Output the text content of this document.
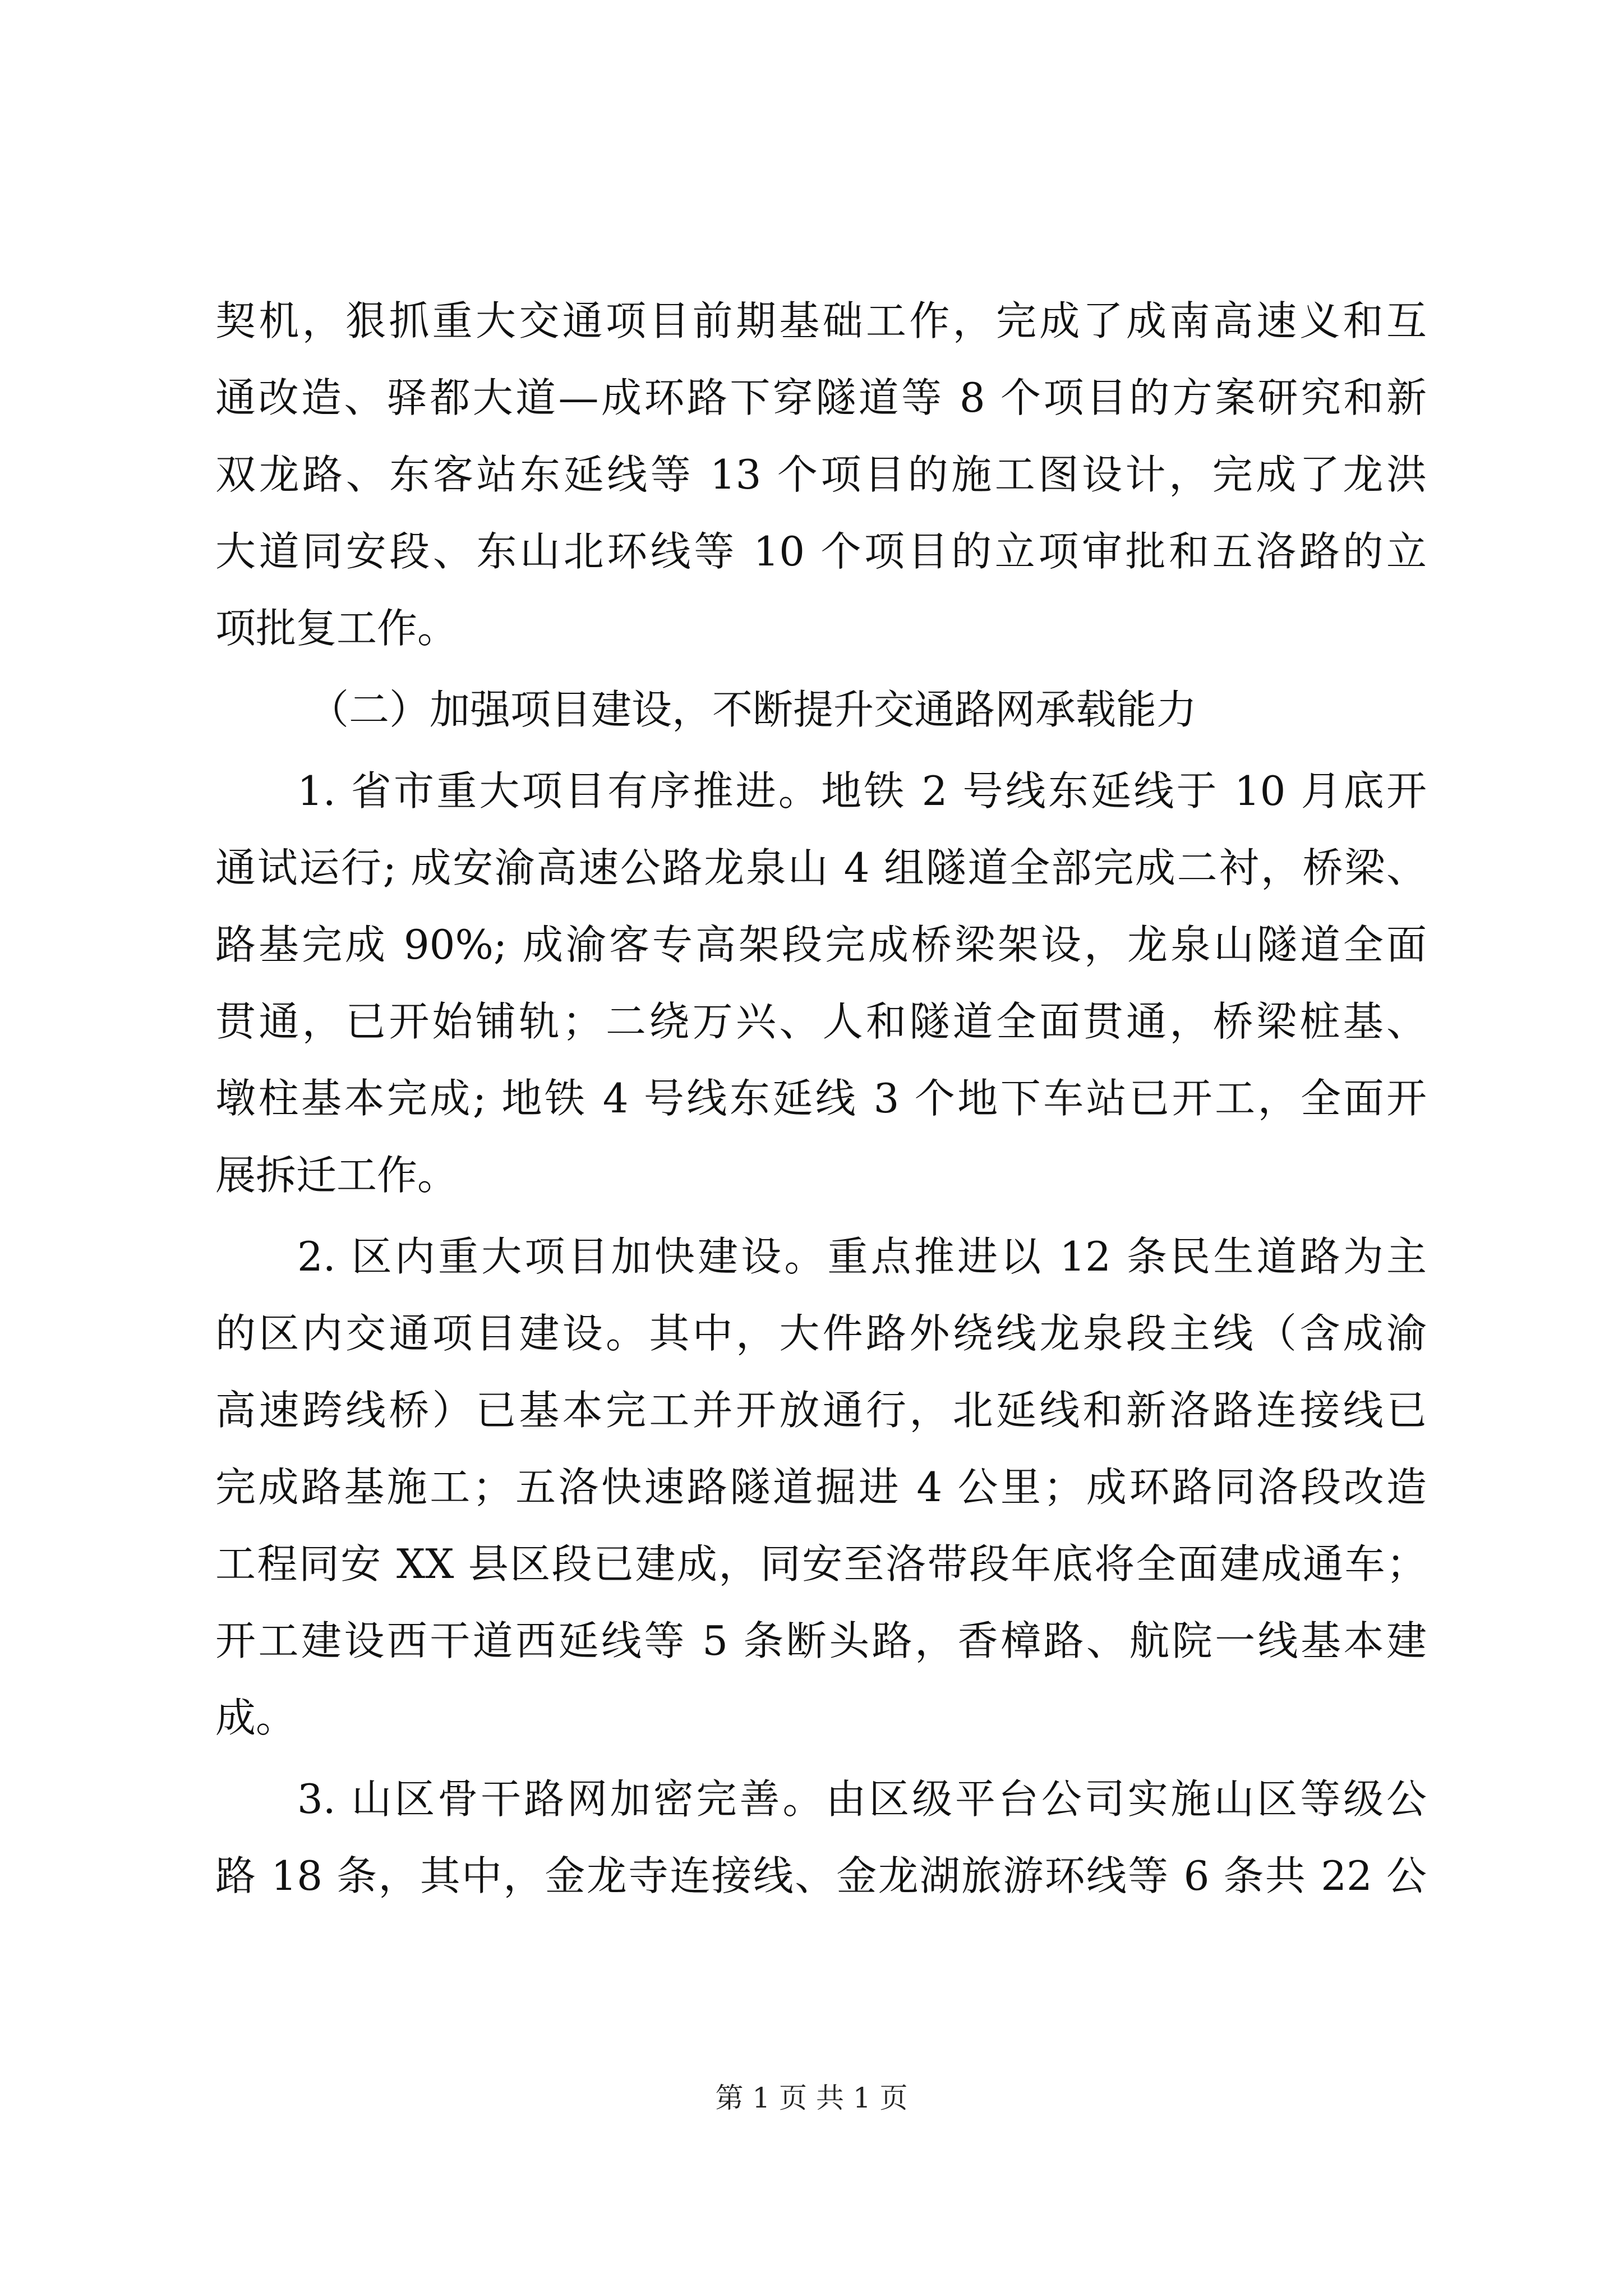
契机，狠抓重大交通项目前期基础工作，完成了成南高速义和互
通改造、驿都大道—成环路下穿隧道等 8 个项目的方案研究和新
双龙路、东客站东延线等 13 个项目的施工图设计，完成了龙洪
大道同安段、东山北环线等 10 个项目的立项审批和五洛路的立
项批复工作。
（二）加强项目建设，不断提升交通路网承载能力
1. 省市重大项目有序推进。地铁 2 号线东延线于 10 月底开
通试运行; 成安渝高速公路龙泉山 4 组隧道全部完成二衬，桥梁、
路基完成 90%; 成渝客专高架段完成桥梁架设，龙泉山隧道全面
贯通，已开始铺轨；二绕万兴、人和隧道全面贯通，桥梁桩基、
墩柱基本完成; 地铁 4 号线东延线 3 个地下车站已开工，全面开
展拆迁工作。
2. 区内重大项目加快建设。重点推进以 12 条民生道路为主
的区内交通项目建设。其中，大件路外绕线龙泉段主线（含成渝
高速跨线桥）已基本完工并开放通行，北延线和新洛路连接线已
完成路基施工；五洛快速路隧道掘进 4 公里；成环路同洛段改造
工程同安 XX 县区段已建成，同安至洛带段年底将全面建成通车；
开工建设西干道西延线等 5 条断头路，香樟路、航院一线基本建
成。
3. 山区骨干路网加密完善。由区级平台公司实施山区等级公
路 18 条，其中，金龙寺连接线、金龙湖旅游环线等 6 条共 22 公
第 1 页 共 1 页
